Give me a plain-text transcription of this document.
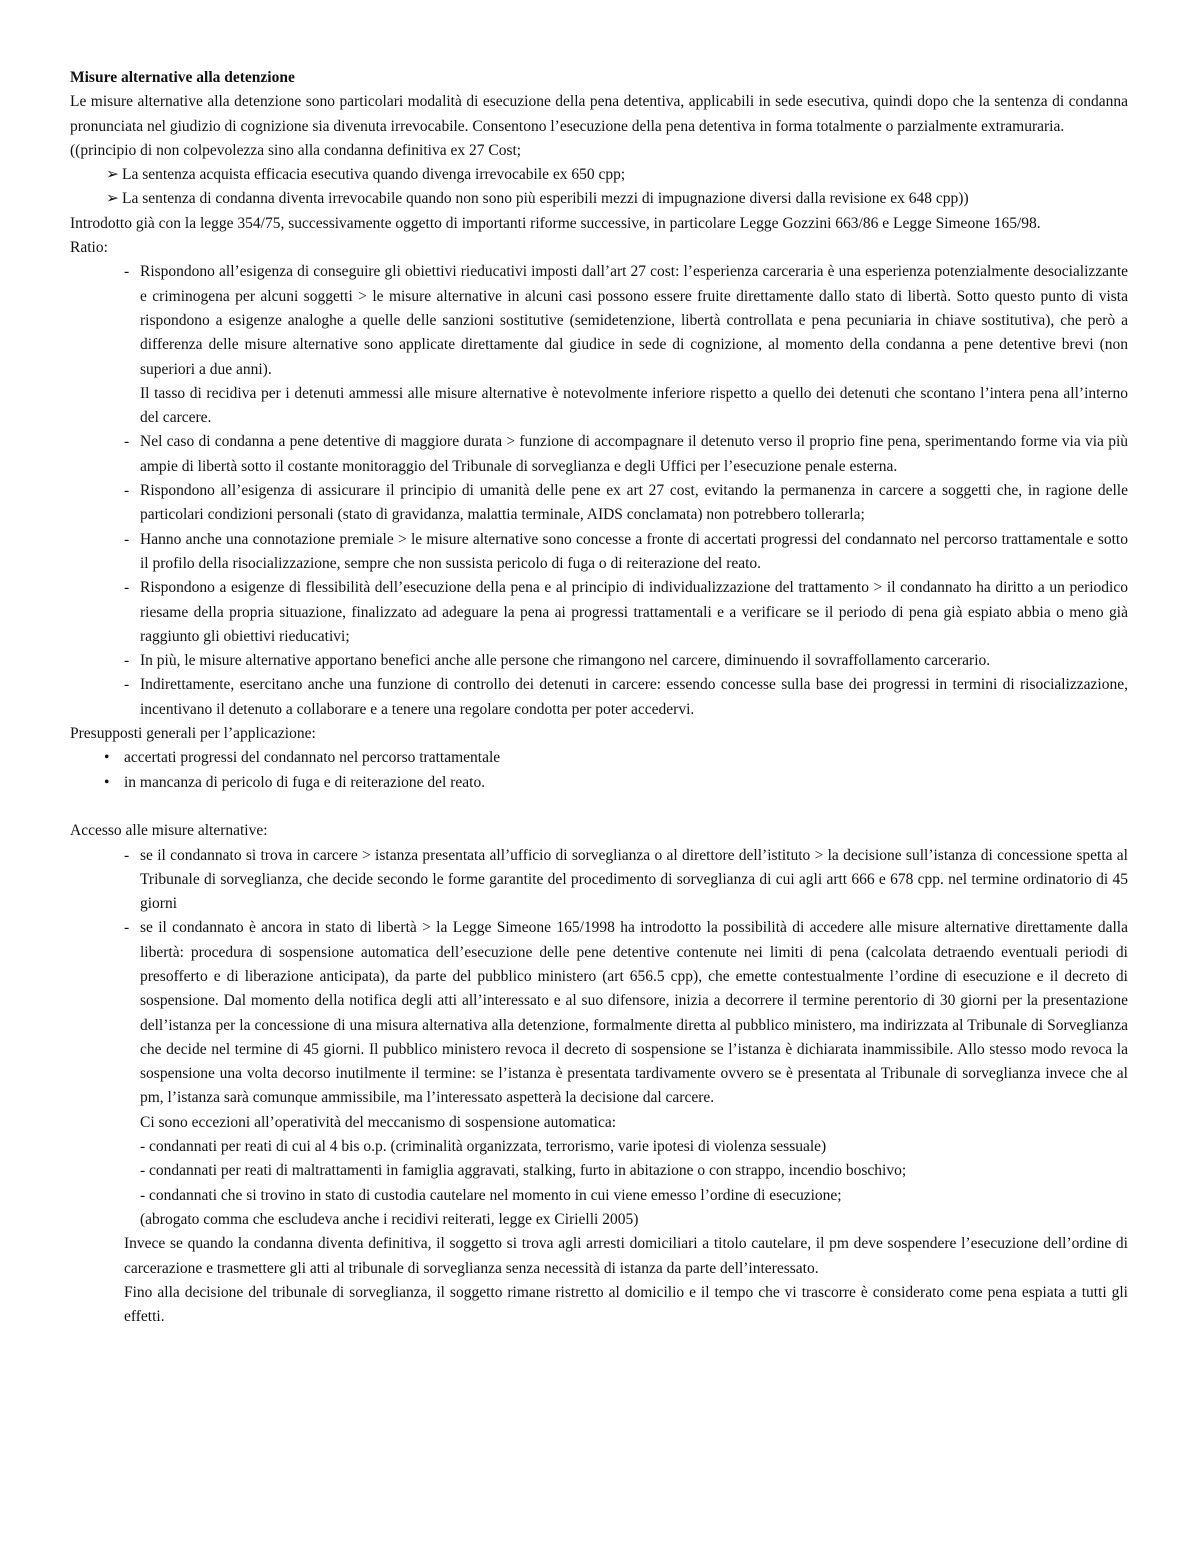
Misure alternative alla detenzione

Le misure alternative alla detenzione sono particolari modalità di esecuzione della pena detentiva, applicabili in sede esecutiva, quindi dopo che la sentenza di condanna pronunciata nel giudizio di cognizione sia divenuta irrevocabile. Consentono l’esecuzione della pena detentiva in forma totalmente o parzialmente extramuraria.

((principio di non colpevolezza sino alla condanna definitiva ex 27 Cost;

➢ La sentenza acquista efficacia esecutiva quando divenga irrevocabile ex 650 cpp;
➢ La sentenza di condanna diventa irrevocabile quando non sono più esperibili mezzi di impugnazione diversi dalla revisione ex 648 cpp))

Introdotto già con la legge 354/75, successivamente oggetto di importanti riforme successive, in particolare Legge Gozzini 663/86 e Legge Simeone 165/98.

Ratio:

- Rispondono all’esigenza di conseguire gli obiettivi rieducativi imposti dall’art 27 cost: l’esperienza carceraria è una esperienza potenzialmente desocializzante e criminogena per alcuni soggetti > le misure alternative in alcuni casi possono essere fruite direttamente dallo stato di libertà. Sotto questo punto di vista rispondono a esigenze analoghe a quelle delle sanzioni sostitutive (semidetenzione, libertà controllata e pena pecuniaria in chiave sostitutiva), che però a differenza delle misure alternative sono applicate direttamente dal giudice in sede di cognizione, al momento della condanna a pene detentive brevi (non superiori a due anni).
Il tasso di recidiva per i detenuti ammessi alle misure alternative è notevolmente inferiore rispetto a quello dei detenuti che scontano l’intera pena all’interno del carcere.
- Nel caso di condanna a pene detentive di maggiore durata > funzione di accompagnare il detenuto verso il proprio fine pena, sperimentando forme via via più ampie di libertà sotto il costante monitoraggio del Tribunale di sorveglianza e degli Uffici per l’esecuzione penale esterna.
- Rispondono all’esigenza di assicurare il principio di umanità delle pene ex art 27 cost, evitando la permanenza in carcere a soggetti che, in ragione delle particolari condizioni personali (stato di gravidanza, malattia terminale, AIDS conclamata) non potrebbero tollerarla;
- Hanno anche una connotazione premiale > le misure alternative sono concesse a fronte di accertati progressi del condannato nel percorso trattamentale e sotto il profilo della risocializzazione, sempre che non sussista pericolo di fuga o di reiterazione del reato.
- Rispondono a esigenze di flessibilità dell’esecuzione della pena e al principio di individualizzazione del trattamento > il condannato ha diritto a un periodico riesame della propria situazione, finalizzato ad adeguare la pena ai progressi trattamentali e a verificare se il periodo di pena già espiato abbia o meno già raggiunto gli obiettivi rieducativi;
- In più, le misure alternative apportano benefici anche alle persone che rimangono nel carcere, diminuendo il sovraffollamento carcerario.
- Indirettamente, esercitano anche una funzione di controllo dei detenuti in carcere: essendo concesse sulla base dei progressi in termini di risocializzazione, incentivano il detenuto a collaborare e a tenere una regolare condotta per poter accedervi.

Presupposti generali per l’applicazione:

• accertati progressi del condannato nel percorso trattamentale
• in mancanza di pericolo di fuga e di reiterazione del reato.

Accesso alle misure alternative:

- se il condannato si trova in carcere > istanza presentata all’ufficio di sorveglianza o al direttore dell’istituto > la decisione sull’istanza di concessione spetta al Tribunale di sorveglianza, che decide secondo le forme garantite del procedimento di sorveglianza di cui agli artt 666 e 678 cpp. nel termine ordinatorio di 45 giorni
- se il condannato è ancora in stato di libertà > la Legge Simeone 165/1998 ha introdotto la possibilità di accedere alle misure alternative direttamente dalla libertà: procedura di sospensione automatica dell’esecuzione delle pene detentive contenute nei limiti di pena (calcolata detraendo eventuali periodi di presofferto e di liberazione anticipata), da parte del pubblico ministero (art 656.5 cpp), che emette contestualmente l’ordine di esecuzione e il decreto di sospensione. Dal momento della notifica degli atti all’interessato e al suo difensore, inizia a decorrere il termine perentorio di 30 giorni per la presentazione dell’istanza per la concessione di una misura alternativa alla detenzione, formalmente diretta al pubblico ministero, ma indirizzata al Tribunale di Sorveglianza che decide nel termine di 45 giorni. Il pubblico ministero revoca il decreto di sospensione se l’istanza è dichiarata inammissibile. Allo stesso modo revoca la sospensione una volta decorso inutilmente il termine: se l’istanza è presentata tardivamente ovvero se è presentata al Tribunale di sorveglianza invece che al pm, l’istanza sarà comunque ammissibile, ma l’interessato aspetterà la decisione dal carcere.

Ci sono eccezioni all’operatività del meccanismo di sospensione automatica:

- condannati per reati di cui al 4 bis o.p. (criminalità organizzata, terrorismo, varie ipotesi di violenza sessuale)

- condannati per reati di maltrattamenti in famiglia aggravati, stalking, furto in abitazione o con strappo, incendio boschivo;

- condannati che si trovino in stato di custodia cautelare nel momento in cui viene emesso l’ordine di esecuzione;

(abrogato comma che escludeva anche i recidivi reiterati, legge ex Cirielli 2005)

Invece se quando la condanna diventa definitiva, il soggetto si trova agli arresti domiciliari a titolo cautelare, il pm deve sospendere l’esecuzione dell’ordine di carcerazione e trasmettere gli atti al tribunale di sorveglianza senza necessità di istanza da parte dell’interessato.

Fino alla decisione del tribunale di sorveglianza, il soggetto rimane ristretto al domicilio e il tempo che vi trascorre è considerato come pena espiata a tutti gli effetti.
